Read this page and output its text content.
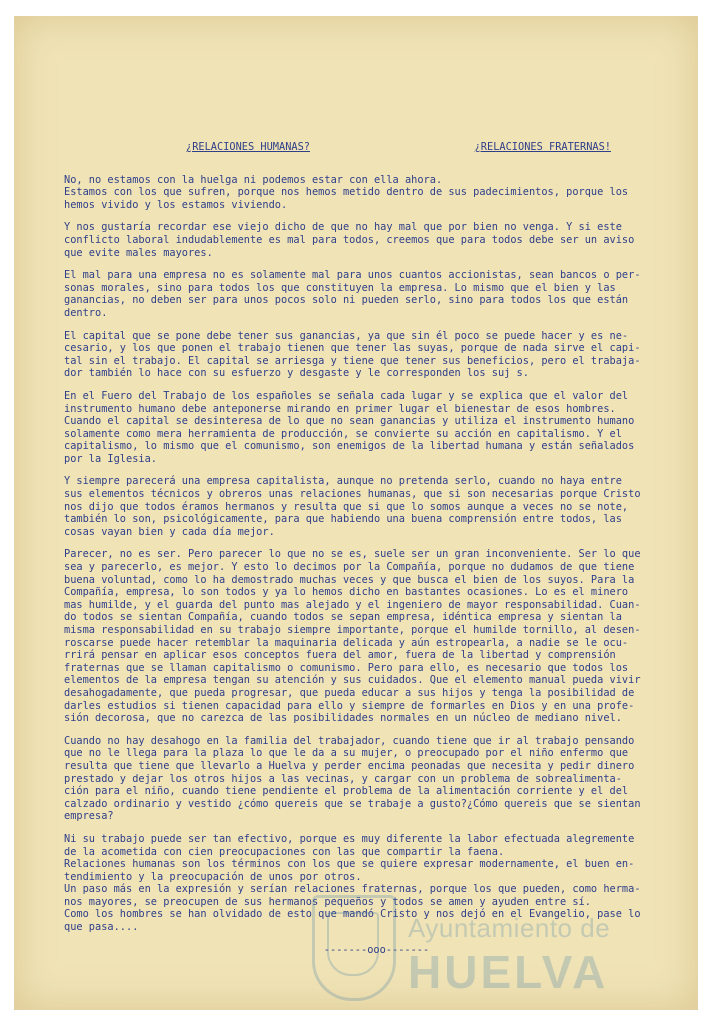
¿RELACIONES HUMANAS?	¿RELACIONES FRATERNAS!
No, no estamos con la huelga ni podemos estar con ella ahora.
Estamos con los que sufren, porque nos hemos metido dentro de sus padecimientos, porque los
hemos vivido y los estamos viviendo.
Y nos gustaría recordar ese viejo dicho de que no hay mal que por bien no venga. Y si este
conflicto laboral indudablemente es mal para todos, creemos que para todos debe ser un aviso
que evite males mayores.
El mal para una empresa no es solamente mal para unos cuantos accionistas, sean bancos o per-
sonas morales, sino para todos los que constituyen la empresa. Lo mismo que el bien y las
ganancias, no deben ser para unos pocos solo ni pueden serlo, sino para todos los que están
dentro.
El capital que se pone debe tener sus ganancias, ya que sin él poco se puede hacer y es ne-
cesario, y los que ponen el trabajo tienen que tener las suyas, porque de nada sirve el capi-
tal sin el trabajo. El capital se arriesga y tiene que tener sus beneficios, pero el trabaja-
dor también lo hace con su esfuerzo y desgaste y le corresponden los suj s.
En el Fuero del Trabajo de los españoles se señala cada lugar y se explica que el valor del
instrumento humano debe anteponerse mirando en primer lugar el bienestar de esos hombres.
Cuando el capital se desinteresa de lo que no sean ganancias y utiliza el instrumento humano
solamente como mera herramienta de producción, se convierte su acción en capitalismo. Y el
capitalismo, lo mismo que el comunismo, son enemigos de la libertad humana y están señalados
por la Iglesia.
Y siempre parecerá una empresa capitalista, aunque no pretenda serlo, cuando no haya entre
sus elementos técnicos y obreros unas relaciones humanas, que si son necesarias porque Cristo
nos dijo que todos éramos hermanos y resulta que si que lo somos aunque a veces no se note,
también lo son, psicológicamente, para que habiendo una buena comprensión entre todos, las
cosas vayan bien y cada día mejor.
Parecer, no es ser. Pero parecer lo que no se es, suele ser un gran inconveniente. Ser lo que
sea y parecerlo, es mejor. Y esto lo decimos por la Compañía, porque no dudamos de que tiene
buena voluntad, como lo ha demostrado muchas veces y que busca el bien de los suyos. Para la
Compañía, empresa, lo son todos y ya lo hemos dicho en bastantes ocasiones. Lo es el minero
mas humilde, y el guarda del punto mas alejado y el ingeniero de mayor responsabilidad. Cuan-
do todos se sientan Compañía, cuando todos se sepan empresa, idéntica empresa y sientan la
misma responsabilidad en su trabajo siempre importante, porque el humilde tornillo, al desen-
roscarse puede hacer retemblar la maquinaria delicada y aún estropearla, a nadie se le ocu-
rrirá pensar en aplicar esos conceptos fuera del amor, fuera de la libertad y comprensión
fraternas que se llaman capitalismo o comunismo. Pero para ello, es necesario que todos los
elementos de la empresa tengan su atención y sus cuidados. Que el elemento manual pueda vivir
desahogadamente, que pueda progresar, que pueda educar a sus hijos y tenga la posibilidad de
darles estudios si tienen capacidad para ello y siempre de formarles en Dios y en una profe-
sión decorosa, que no carezca de las posibilidades normales en un núcleo de mediano nivel.
Cuando no hay desahogo en la familia del trabajador, cuando tiene que ir al trabajo pensando
que no le llega para la plaza lo que le da a su mujer, o preocupado por el niño enfermo que
resulta que tiene que llevarlo a Huelva y perder encima peonadas que necesita y pedir dinero
prestado y dejar los otros hijos a las vecinas, y cargar con un problema de sobrealimenta-
ción para el niño, cuando tiene pendiente el problema de la alimentación corriente y el del
calzado ordinario y vestido ¿cómo quereis que se trabaje a gusto?¿Cómo quereis que se sientan
empresa?
Ni su trabajo puede ser tan efectivo, porque es muy diferente la labor efectuada alegremente
de la acometida con cien preocupaciones con las que compartir la faena.
Relaciones humanas son los términos con los que se quiere expresar modernamente, el buen en-
tendimiento y la preocupación de unos por otros.
Un paso más en la expresión y serían relaciones fraternas, porque los que pueden, como herma-
nos mayores, se preocupen de sus hermanos pequeños y todos se amen y ayuden entre sí.
Como los hombres se han olvidado de esto que mandó Cristo y nos dejó en el Evangelio, pase lo
que pasa....
-------ooo-------
Ayuntamiento de
HUELVA
